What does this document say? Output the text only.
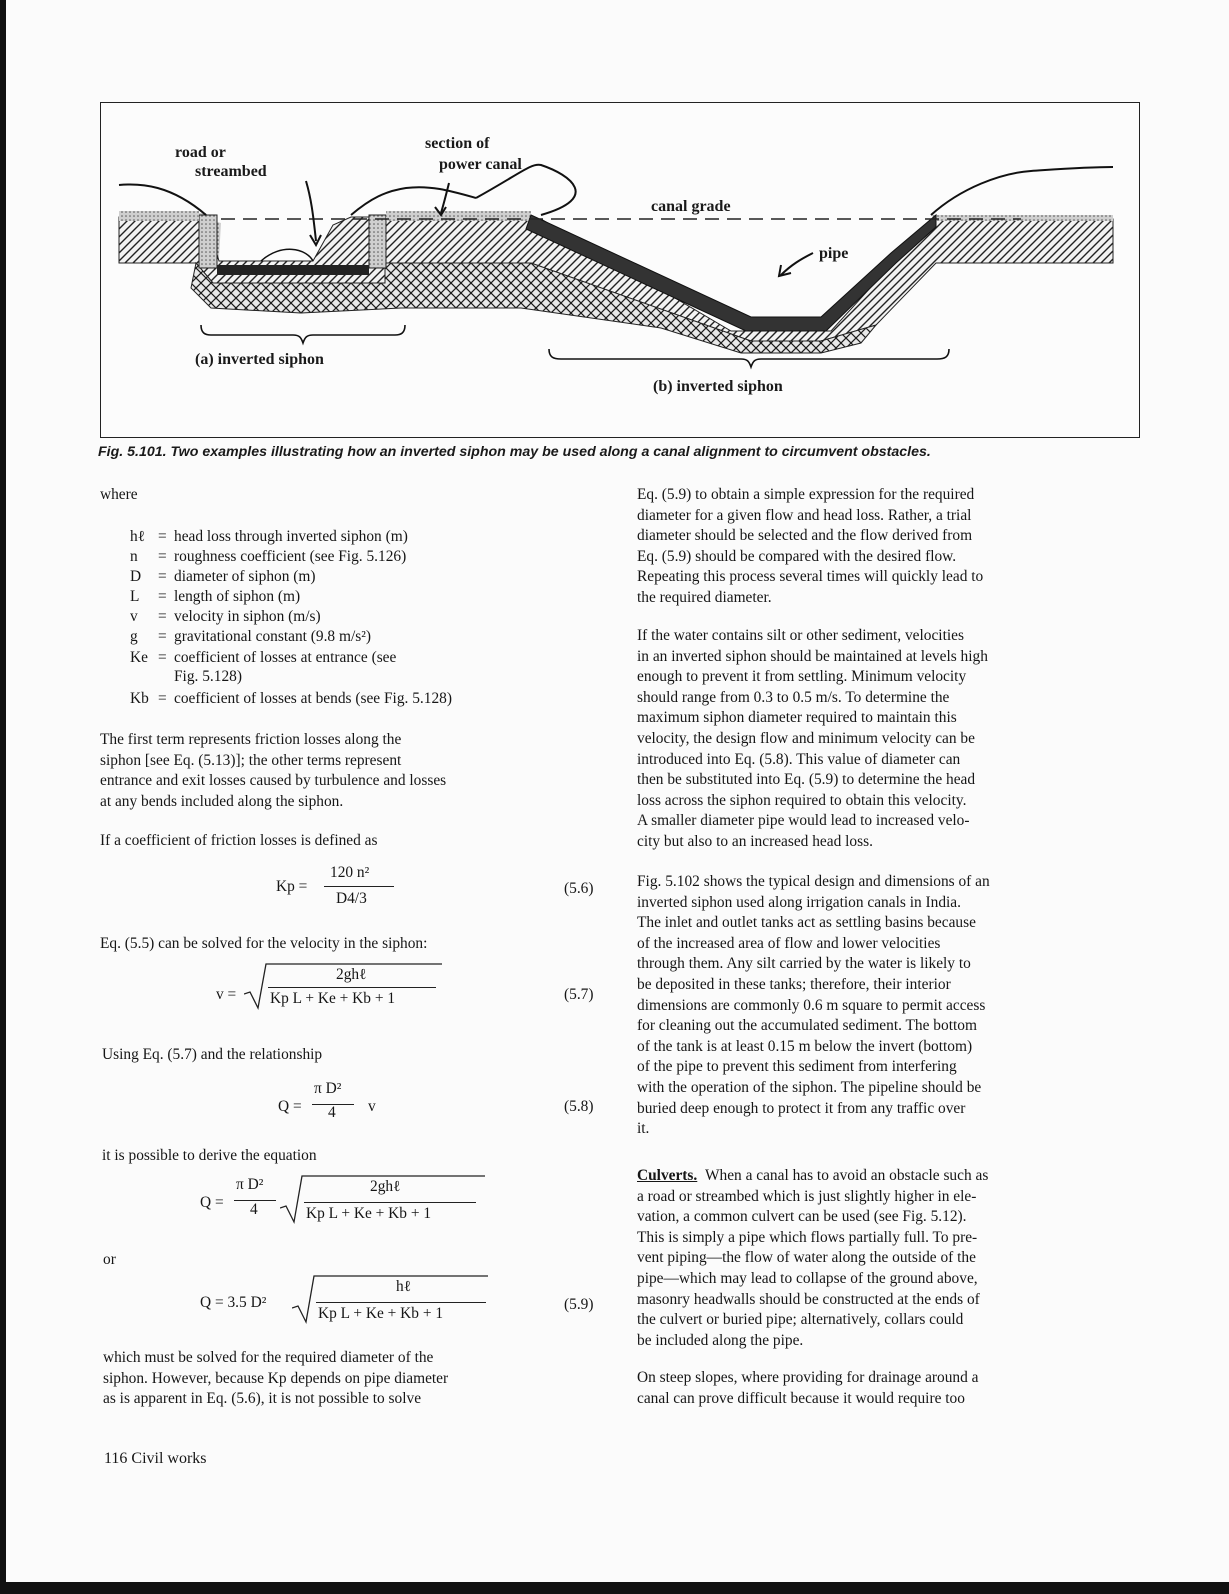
road or
streambed
section of
power canal
canal grade
pipe
(a) inverted siphon
(b) inverted siphon
Fig. 5.101. Two examples illustrating how an inverted siphon may be used along a canal alignment to circumvent obstacles.
where
hℓ = head loss through inverted siphon (m)
n	= roughness coefficient (see Fig. 5.126)
D	= diameter of siphon (m)
L	= length of siphon (m)
v	= velocity in siphon (m/s)
g	= gravitational constant (9.8 m/s²)
Ke = coefficient of losses at entrance (see
Fig. 5.128)
Kb = coefficient of losses at bends (see Fig. 5.128)
The first term represents friction losses along the
siphon [see Eq. (5.13)]; the other terms represent
entrance and exit losses caused by turbulence and losses
at any bends included along the siphon.
If a coefficient of friction losses is defined as
Kp =
120 n²
D4/3
(5.6)
Eq. (5.5) can be solved for the velocity in the siphon:
v =
2ghℓ
Kp L + Ke + Kb + 1	(5.7)
Using Eq. (5.7) and the relationship
Q =
π D²
4 v	(5.8)
it is possible to derive the equation
Q =
π D²
4
2ghℓ
Kp L + Ke + Kb + 1
or
Q = 3.5 D²
hℓ
Kp L + Ke + Kb + 1
(5.9)
which must be solved for the required diameter of the
siphon. However, because Kp depends on pipe diameter
as is apparent in Eq. (5.6), it is not possible to solve
Eq. (5.9) to obtain a simple expression for the required
diameter for a given flow and head loss. Rather, a trial
diameter should be selected and the flow derived from
Eq. (5.9) should be compared with the desired flow.
Repeating this process several times will quickly lead to
the required diameter.
If the water contains silt or other sediment, velocities
in an inverted siphon should be maintained at levels high
enough to prevent it from settling. Minimum velocity
should range from 0.3 to 0.5 m/s. To determine the
maximum siphon diameter required to maintain this
velocity, the design flow and minimum velocity can be
introduced into Eq. (5.8). This value of diameter can
then be substituted into Eq. (5.9) to determine the head
loss across the siphon required to obtain this velocity.
A smaller diameter pipe would lead to increased velo-
city but also to an increased head loss.
Fig. 5.102 shows the typical design and dimensions of an
inverted siphon used along irrigation canals in India.
The inlet and outlet tanks act as settling basins because
of the increased area of flow and lower velocities
through them. Any silt carried by the water is likely to
be deposited in these tanks; therefore, their interior
dimensions are commonly 0.6 m square to permit access
for cleaning out the accumulated sediment. The bottom
of the tank is at least 0.15 m below the invert (bottom)
of the pipe to prevent this sediment from interfering
with the operation of the siphon. The pipeline should be
buried deep enough to protect it from any traffic over
it.
Culverts. When a canal has to avoid an obstacle such as
a road or streambed which is just slightly higher in ele-
vation, a common culvert can be used (see Fig. 5.12).
This is simply a pipe which flows partially full. To pre-
vent piping—the flow of water along the outside of the
pipe—which may lead to collapse of the ground above,
masonry headwalls should be constructed at the ends of
the culvert or buried pipe; alternatively, collars could
be included along the pipe.
On steep slopes, where providing for drainage around a
canal can prove difficult because it would require too
116 Civil works
